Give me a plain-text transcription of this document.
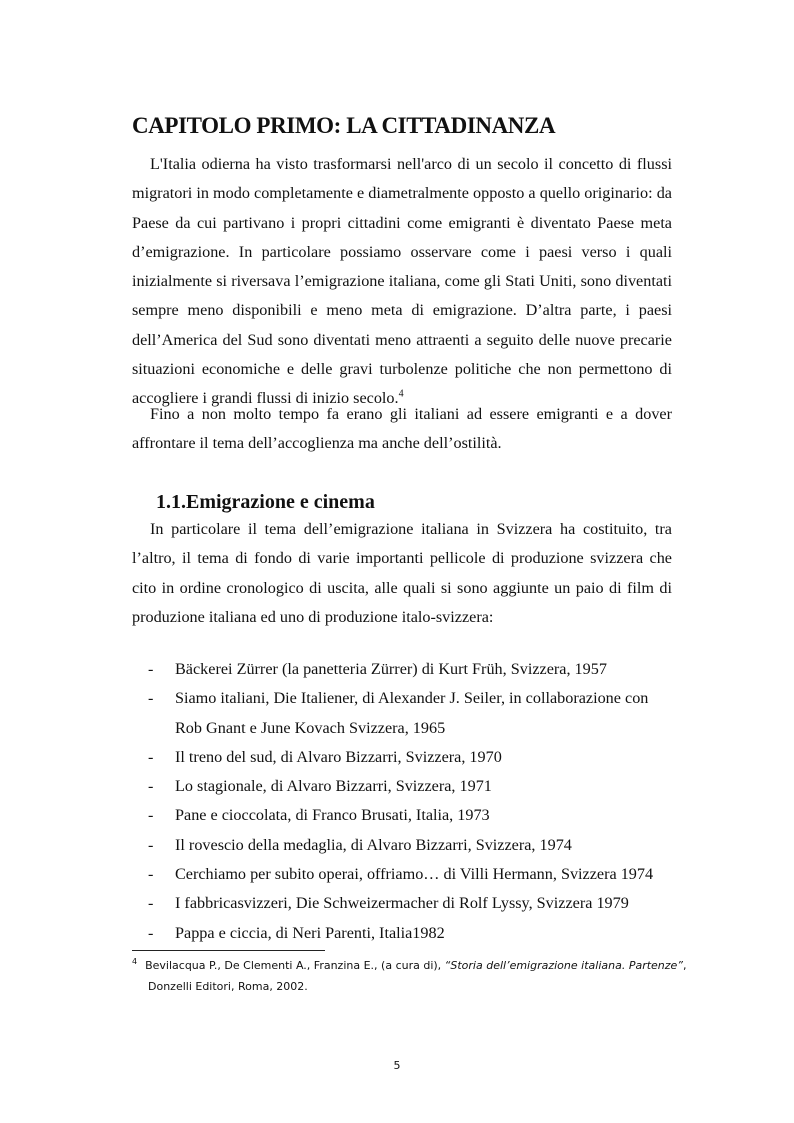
CAPITOLO PRIMO: LA CITTADINANZA

L'Italia odierna ha visto trasformarsi nell'arco di un secolo il concetto di flussi migratori in modo completamente e diametralmente opposto a quello originario: da Paese da cui partivano i propri cittadini come emigranti è diventato Paese meta d’emigrazione. In particolare possiamo osservare come i paesi verso i quali inizialmente si riversava l’emigrazione italiana, come gli Stati Uniti, sono diventati sempre meno disponibili e meno meta di emigrazione. D’altra parte, i paesi dell’America del Sud sono diventati meno attraenti a seguito delle nuove precarie situazioni economiche e delle gravi turbolenze politiche che non permettono di accogliere i grandi flussi di inizio secolo.$^4$

Fino a non molto tempo fa erano gli italiani ad essere emigranti e a dover affrontare il tema dell’accoglienza ma anche dell’ostilità.

1.1.Emigrazione e cinema

In particolare il tema dell’emigrazione italiana in Svizzera ha costituito, tra l’altro, il tema di fondo di varie importanti pellicole di produzione svizzera che cito in ordine cronologico di uscita, alle quali si sono aggiunte un paio di film di produzione italiana ed uno di produzione italo-svizzera:

- Bäckerei Zürrer (la panetteria Zürrer) di Kurt Früh, Svizzera, 1957
- Siamo italiani, Die Italiener, di Alexander J. Seiler, in collaborazione con Rob Gnant e June Kovach Svizzera, 1965
- Il treno del sud, di Alvaro Bizzarri, Svizzera, 1970
- Lo stagionale, di Alvaro Bizzarri, Svizzera, 1971
- Pane e cioccolata, di Franco Brusati, Italia, 1973
- Il rovescio della medaglia, di Alvaro Bizzarri, Svizzera, 1974
- Cerchiamo per subito operai, offriamo… di Villi Hermann, Svizzera 1974
- I fabbricasvizzeri, Die Schweizermacher di Rolf Lyssy, Svizzera 1979
- Pappa e ciccia, di Neri Parenti, Italia1982

$^4$ Bevilacqua P., De Clementi A., Franzina E., (a cura di), “Storia dell’emigrazione italiana. Partenze”, Donzelli Editori, Roma, 2002.

5
